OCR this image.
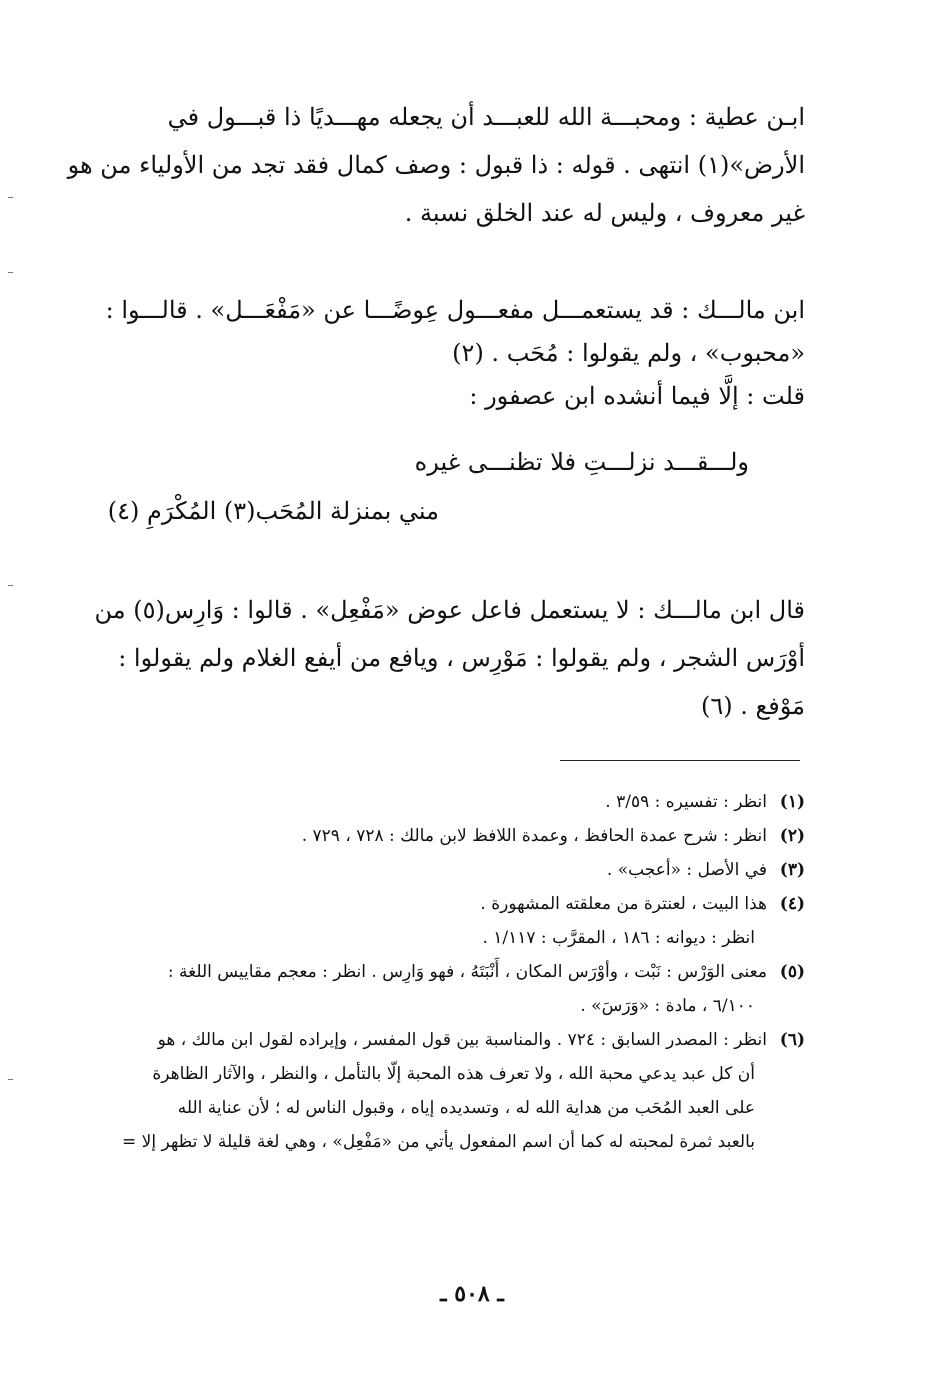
ابـن عطية : ومحبـــة الله للعبـــد أن يجعله مهـــديًا ذا قبـــول في
الأرض»(١) انتهى . قوله : ذا قبول : وصف كمال فقد تجد من الأولياء من هو
غير معروف ، وليس له عند الخلق نسبة .
ابن مالـــك : قد يستعمـــل مفعـــول عِوضًـــا عن «مَفْعَـــل» . قالـــوا :
«محبوب» ، ولم يقولوا : مُحَب . (٢)
قلت : إلَّا فيما أنشده ابن عصفور :
ولـــقـــد نزلـــتِ فلا تظنـــى غيره
مني بمنزلة المُحَب(٣) المُكْرَمِ (٤)
قال ابن مالـــك : لا يستعمل فاعل عوض «مَفْعِل» . قالوا : وَارِس(٥) من
أوْرَس الشجر ، ولم يقولوا : مَوْرِس ، ويافع من أيفع الغلام ولم يقولوا :
مَوْفع . (٦)
(١)انظر : تفسيره : ٣/٥٩ .
(٢)انظر : شرح عمدة الحافظ ، وعمدة اللافظ لابن مالك : ٧٢٨ ، ٧٢٩ .
(٣)في الأصل : «أعجب» .
(٤)هذا البيت ، لعنترة من معلقته المشهورة .
انظر : ديوانه : ١٨٦ ، المقرَّب : ١/١١٧ .
(٥)معنى الوَرْس : نَبْت ، وأوْرَس المكان ، أَنْبَتَهُ ، فهو وَارِس . انظر : معجم مقاييس اللغة :
٦/١٠٠ ، مادة : «وَرَسَ» .
(٦)انظر : المصدر السابق : ٧٢٤ . والمناسبة بين قول المفسر ، وإيراده لقول ابن مالك ، هو
أن كل عبد يدعي محبة الله ، ولا تعرف هذه المحبة إلّا بالتأمل ، والنظر ، والآثار الظاهرة
على العبد المُحَب من هداية الله له ، وتسديده إياه ، وقبول الناس له ؛ لأن عناية الله
بالعبد ثمرة لمحبته له كما أن اسم المفعول يأتي من «مَفْعِل» ، وهي لغة قليلة لا تظهر إلا =
ـ ٥٠٨ ـ
